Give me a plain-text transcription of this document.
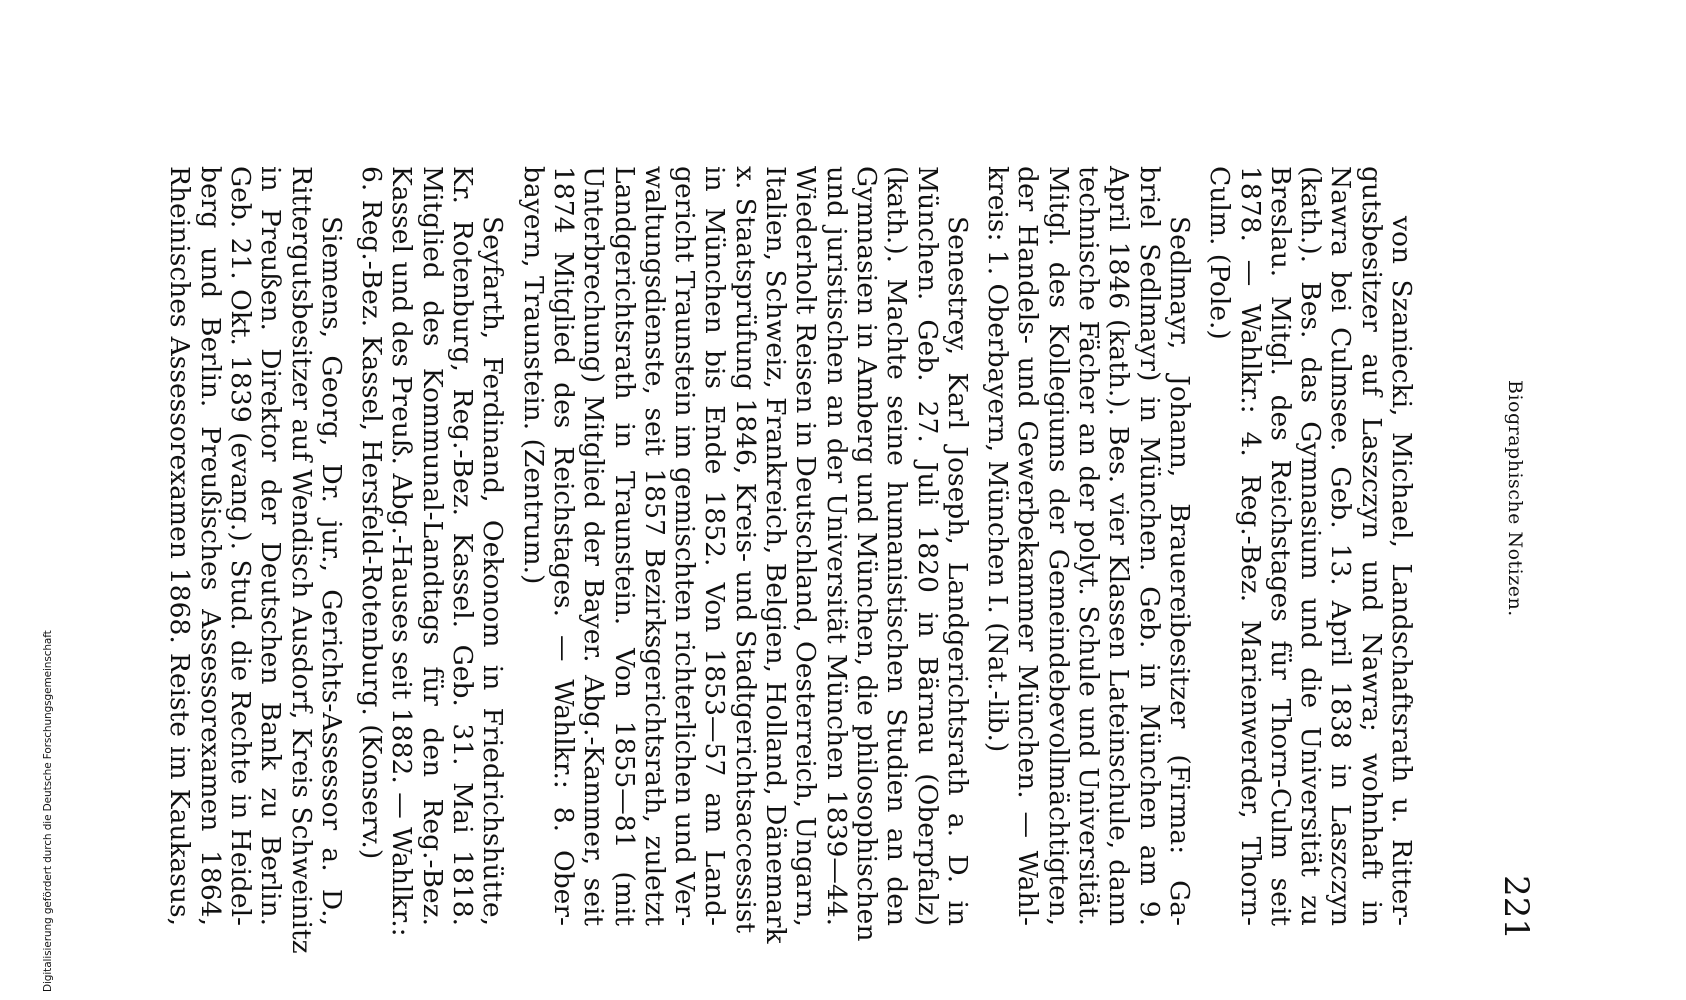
Digitalisierung gefördert durch die Deutsche Forschungsgemeinschaft
Biographische Notizen.
221
von Szaniecki, Michael, Landschaftsrath u. Ritter-
gutsbesitzer auf Laszczyn und Nawra; wohnhaft in
Nawra bei Culmsee. Geb. 13. April 1838 in Laszczyn
(kath.). Bes. das Gymnasium und die Universität zu
Breslau. Mitgl. des Reichstages für Thorn-Culm seit
1878. — Wahlkr.: 4. Reg.-Bez. Marienwerder, Thorn-
Culm. (Pole.)
Sedlmayr, Johann, Brauereibesitzer (Firma: Ga-
briel Sedlmayr) in München. Geb. in München am 9.
April 1846 (kath.). Bes. vier Klassen Lateinschule, dann
technische Fächer an der polyt. Schule und Universität.
Mitgl. des Kollegiums der Gemeindebevollmächtigten,
der Handels- und Gewerbekammer München. — Wahl-
kreis: 1. Oberbayern, München I. (Nat.-lib.)
Senestrey, Karl Joseph, Landgerichtsrath a. D. in
München. Geb. 27. Juli 1820 in Bärnau (Oberpfalz)
(kath.). Machte seine humanistischen Studien an den
Gymnasien in Amberg und München, die philosophischen
und juristischen an der Universität München 1839—44.
Wiederholt Reisen in Deutschland, Oesterreich, Ungarn,
Italien, Schweiz, Frankreich, Belgien, Holland, Dänemark
x. Staatsprüfung 1846, Kreis- und Stadtgerichtsaccessist
in München bis Ende 1852. Von 1853—57 am Land-
gericht Traunstein im gemischten richterlichen und Ver-
waltungsdienste, seit 1857 Bezirksgerichtsrath, zuletzt
Landgerichtsrath in Traunstein. Von 1855—81 (mit
Unterbrechung) Mitglied der Bayer. Abg.-Kammer, seit
1874 Mitglied des Reichstages. — Wahlkr.: 8. Ober-
bayern, Traunstein. (Zentrum.)
Seyfarth, Ferdinand, Oekonom in Friedrichshütte,
Kr. Rotenburg, Reg.-Bez. Kassel. Geb. 31. Mai 1818.
Mitglied des Kommunal-Landtags für den Reg.-Bez.
Kassel und des Preuß. Abg.-Hauses seit 1882. — Wahlkr.:
6. Reg.-Bez. Kassel, Hersfeld-Rotenburg. (Konserv.)
Siemens, Georg, Dr. jur., Gerichts-Assessor a. D.,
Rittergutsbesitzer auf Wendisch Ausdorf, Kreis Schweinitz
in Preußen. Direktor der Deutschen Bank zu Berlin.
Geb. 21. Okt. 1839 (evang.). Stud. die Rechte in Heidel-
berg und Berlin. Preußisches Assessorexamen 1864,
Rheinisches Assessorexamen 1868. Reiste im Kaukasus,
